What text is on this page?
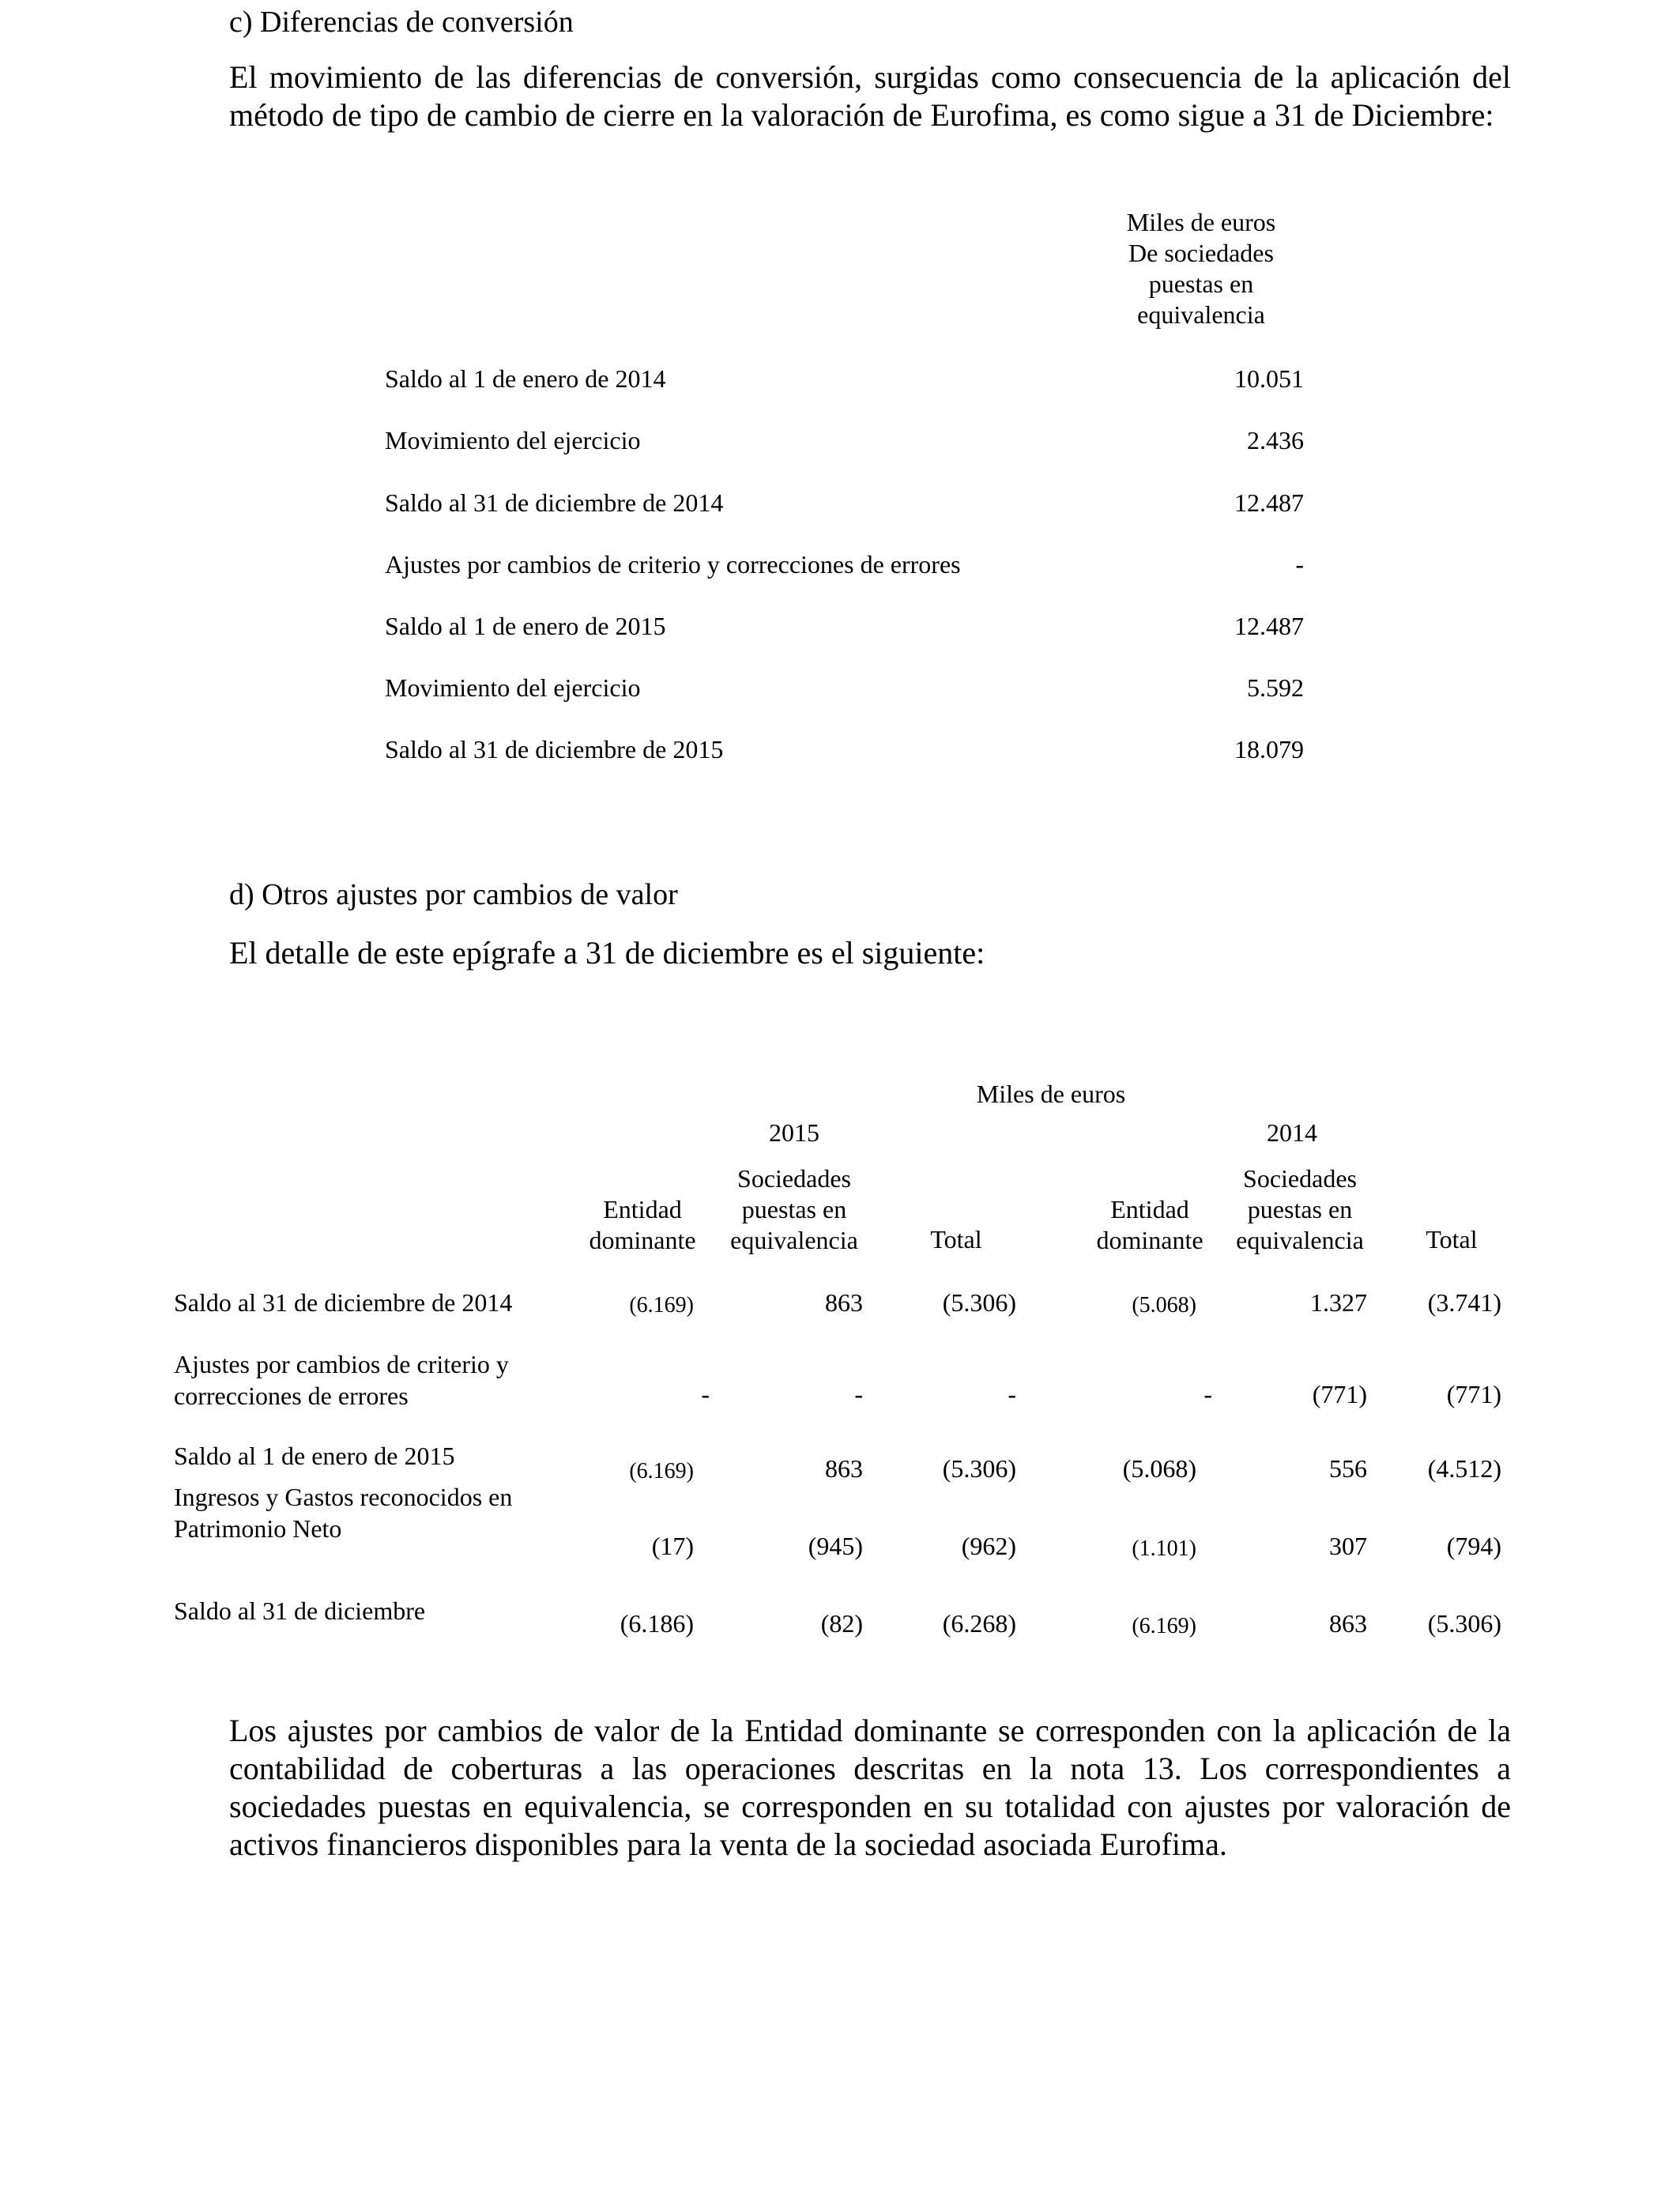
c) Diferencias de conversión
El movimiento de las diferencias de conversión, surgidas como consecuencia de la aplicación del método de tipo de cambio de cierre en la valoración de Eurofima, es como sigue a 31 de Diciembre:
Miles de euros
De sociedades
puestas en
equivalencia
Saldo al 1 de enero de 2014	10.051
Movimiento del ejercicio	2.436
Saldo al 31 de diciembre de 2014	12.487
Ajustes por cambios de criterio y correcciones de errores	-
Saldo al 1 de enero de 2015	12.487
Movimiento del ejercicio	5.592
Saldo al 31 de diciembre de 2015	18.079
d) Otros ajustes por cambios de valor
El detalle de este epígrafe a 31 de diciembre es el siguiente:
Miles de euros
2015	2014
Entidad
dominante
Sociedades
puestas en
equivalencia	Total
Entidad
dominante
Sociedades
puestas en
equivalencia	Total
Saldo al 31 de diciembre de 2014	(6.169)	863	(5.306)	(5.068)	1.327	(3.741)
Ajustes por cambios de criterio y
correcciones de errores	-	-	-	-	(771)	(771)
Saldo al 1 de enero de 2015
(6.169)	863	(5.306)	(5.068)	556	(4.512)
Ingresos y Gastos reconocidos en
Patrimonio Neto
(17)	(945)	(962)	(1.101)	307	(794)
Saldo al 31 de diciembre	(6.186)	(82)	(6.268)	(6.169)	863	(5.306)
Los ajustes por cambios de valor de la Entidad dominante se corresponden con la aplicación de la contabilidad de coberturas a las operaciones descritas en la nota 13. Los correspondientes a sociedades puestas en equivalencia, se corresponden en su totalidad con ajustes por valoración de activos financieros disponibles para la venta de la sociedad asociada Eurofima.
